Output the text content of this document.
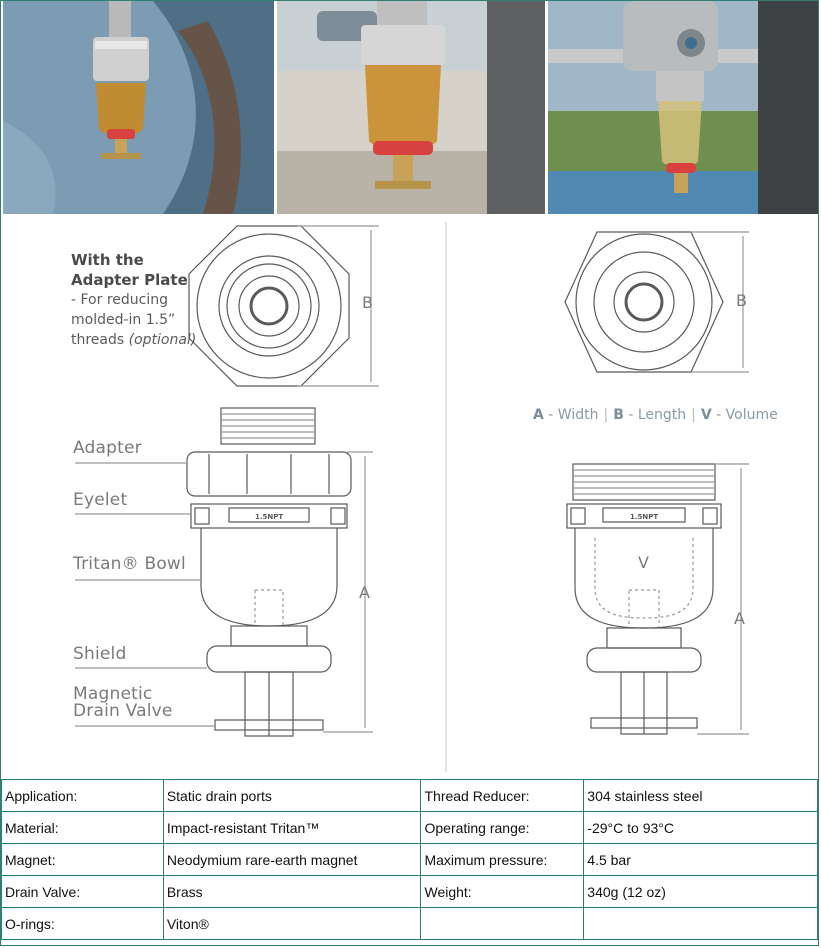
B	B
A
A
V
1.5NPT	1.5NPT
With the
Adapter Plate
- For reducing
molded-in 1.5”
threads (optional)
Adapter
Eyelet
Tritan® Bowl
Shield
Magnetic
Drain Valve
A - Width | B - Length | V - Volume
Application:	Static drain ports	Thread Reducer:	304 stainless steel
Material:	Impact-resistant Tritan™	Operating range:	-29°C to 93°C
Magnet:	Neodymium rare-earth magnet	Maximum pressure:	4.5 bar
Drain Valve:	Brass	Weight:	340g (12 oz)
O-rings:	Viton®		
